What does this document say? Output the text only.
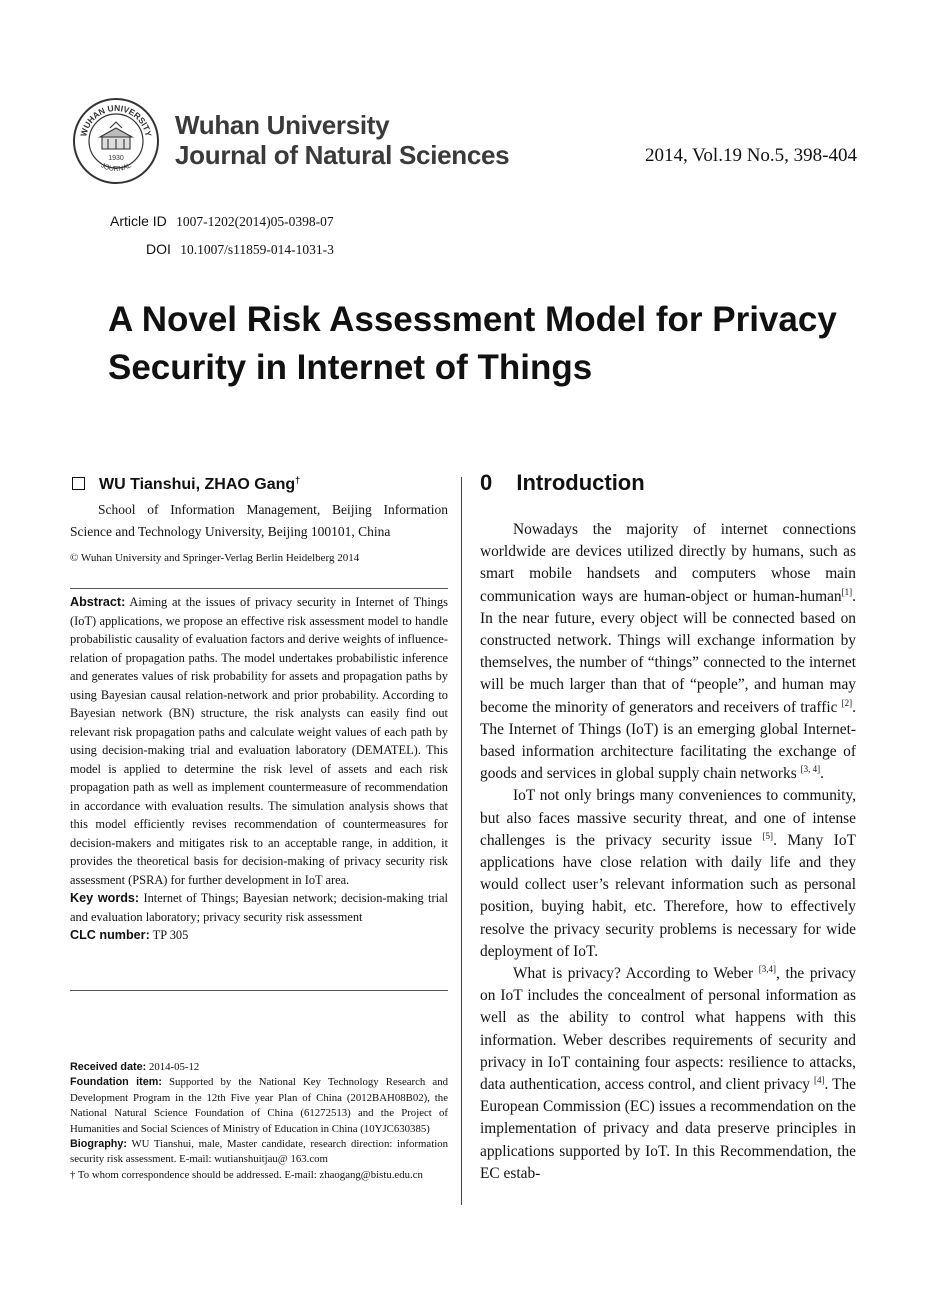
WUHAN UNIVERSITY
JOURNAL
1930
Wuhan University
Journal of Natural Sciences	2014, Vol.19 No.5, 398-404
Article ID 1007-1202(2014)05-0398-07
DOI 10.1007/s11859-014-1031-3
A Novel Risk Assessment Model for Privacy Security in Internet of Things
WU Tianshui, ZHAO Gang†
School of Information Management, Beijing Information Science and Technology University, Beijing 100101, China
© Wuhan University and Springer-Verlag Berlin Heidelberg 2014
Abstract: Aiming at the issues of privacy security in Internet of Things (IoT) applications, we propose an effective risk assessment model to handle probabilistic causality of evaluation factors and derive weights of influence-relation of propagation paths. The model undertakes probabilistic inference and generates values of risk probability for assets and propagation paths by using Bayesian causal relation-network and prior probability. According to Bayesian network (BN) structure, the risk analysts can easily find out relevant risk propagation paths and calculate weight values of each path by using decision-making trial and evaluation laboratory (DEMATEL). This model is applied to determine the risk level of assets and each risk propagation path as well as implement countermeasure of recommendation in accordance with evaluation results. The simulation analysis shows that this model efficiently revises recommendation of countermeasures for decision-makers and mitigates risk to an acceptable range, in addition, it provides the theoretical basis for decision-making of privacy security risk assessment (PSRA) for further development in IoT area.
Key words: Internet of Things; Bayesian network; decision-making trial and evaluation laboratory; privacy security risk assessment
CLC number: TP 305
Received date: 2014-05-12
Foundation item: Supported by the National Key Technology Research and Development Program in the 12th Five year Plan of China (2012BAH08B02), the National Natural Science Foundation of China (61272513) and the Project of Humanities and Social Sciences of Ministry of Education in China (10YJC630385)
Biography: WU Tianshui, male, Master candidate, research direction: information security risk assessment. E-mail: wutianshuitjau@ 163.com
† To whom correspondence should be addressed. E-mail: zhaogang@bistu.edu.cn
0 Introduction

Nowadays the majority of internet connections worldwide are devices utilized directly by humans, such as smart mobile handsets and computers whose main communication ways are human-object or human-human[1]. In the near future, every object will be connected based on constructed network. Things will exchange information by themselves, the number of “things” connected to the internet will be much larger than that of “people”, and human may become the minority of generators and receivers of traffic [2]. The Internet of Things (IoT) is an emerging global Internet-based information architecture facilitating the exchange of goods and services in global supply chain networks [3, 4].

IoT not only brings many conveniences to community, but also faces massive security threat, and one of intense challenges is the privacy security issue [5]. Many IoT applications have close relation with daily life and they would collect user’s relevant information such as personal position, buying habit, etc. Therefore, how to effectively resolve the privacy security problems is necessary for wide deployment of IoT.

What is privacy? According to Weber [3,4], the privacy on IoT includes the concealment of personal information as well as the ability to control what happens with this information. Weber describes requirements of security and privacy in IoT containing four aspects: resilience to attacks, data authentication, access control, and client privacy [4]. The European Commission (EC) issues a recommendation on the implementation of privacy and data preserve principles in applications supported by IoT. In this Recommendation, the EC estab-
